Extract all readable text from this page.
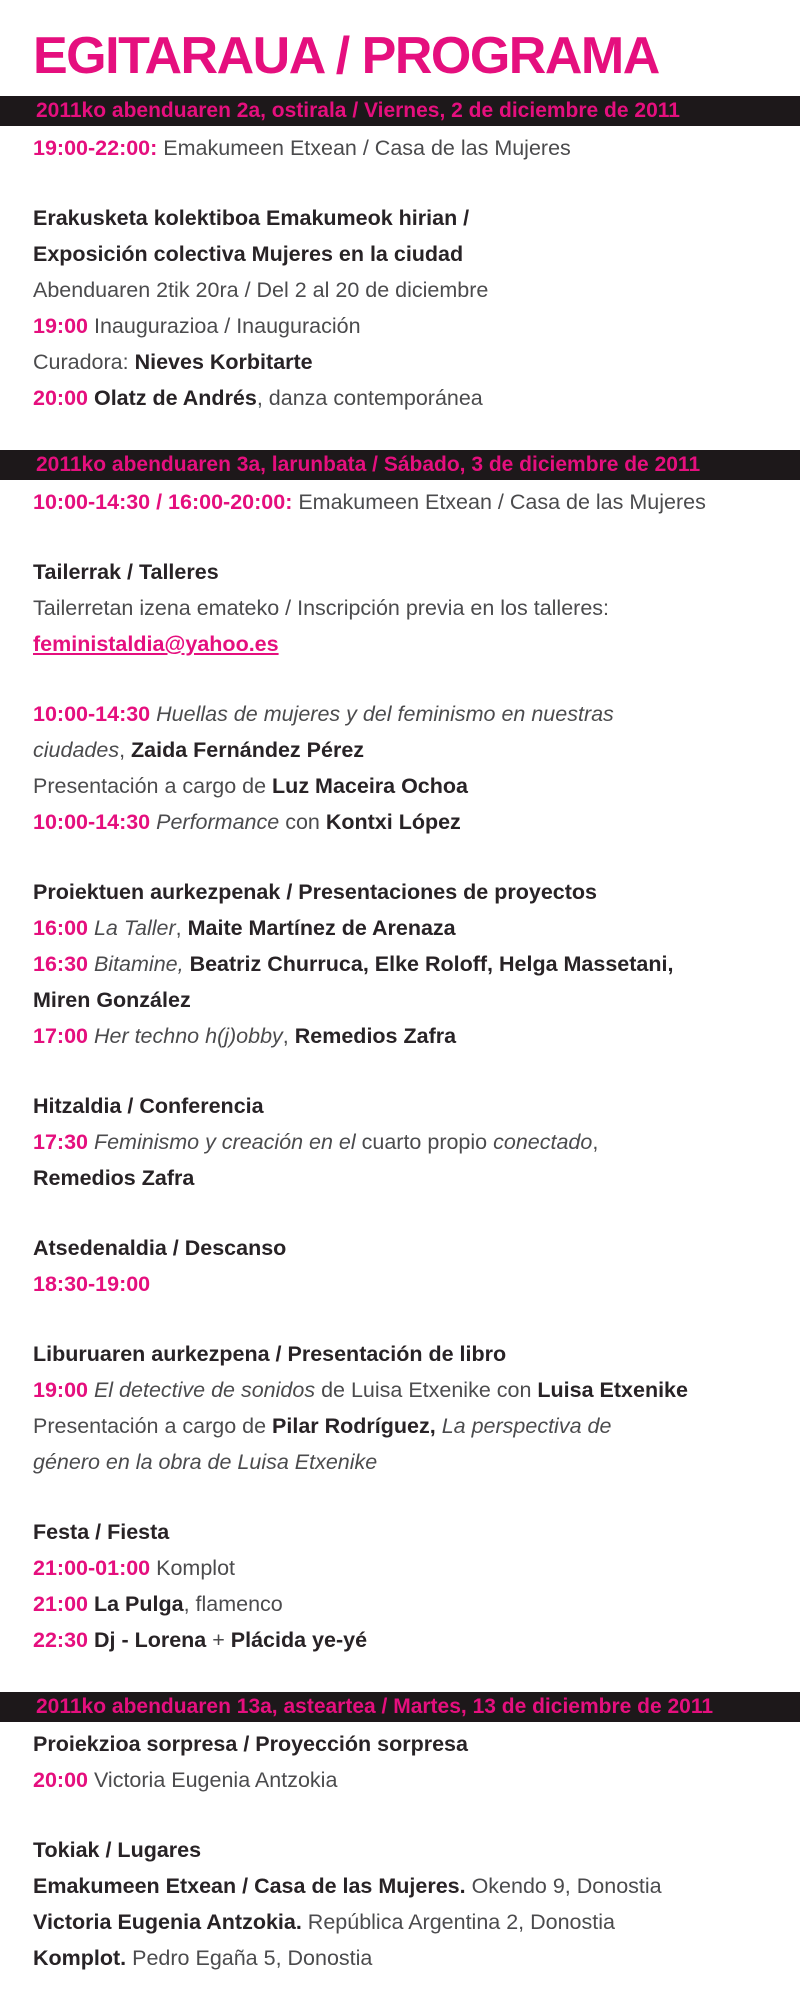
EGITARAUA / PROGRAMA
2011ko abenduaren 2a, ostirala / Viernes, 2 de diciembre de 2011
19:00-22:00: Emakumeen Etxean / Casa de las Mujeres
Erakusketa kolektiboa Emakumeok hirian /
Exposición colectiva Mujeres en la ciudad
Abenduaren 2tik 20ra / Del 2 al 20 de diciembre
19:00 Inaugurazioa / Inauguración
Curadora: Nieves Korbitarte
20:00 Olatz de Andrés, danza contemporánea
2011ko abenduaren 3a, larunbata / Sábado, 3 de diciembre de 2011
10:00-14:30 / 16:00-20:00: Emakumeen Etxean / Casa de las Mujeres
Tailerrak / Talleres
Tailerretan izena emateko / Inscripción previa en los talleres:
feministaldia@yahoo.es
10:00-14:30 Huellas de mujeres y del feminismo en nuestras
ciudades, Zaida Fernández Pérez
Presentación a cargo de Luz Maceira Ochoa
10:00-14:30 Performance con Kontxi López
Proiektuen aurkezpenak / Presentaciones de proyectos
16:00 La Taller, Maite Martínez de Arenaza
16:30 Bitamine, Beatriz Churruca, Elke Roloff, Helga Massetani,
Miren González
17:00 Her techno h(j)obby, Remedios Zafra
Hitzaldia / Conferencia
17:30 Feminismo y creación en el cuarto propio conectado,
Remedios Zafra
Atsedenaldia / Descanso
18:30-19:00
Liburuaren aurkezpena / Presentación de libro
19:00 El detective de sonidos de Luisa Etxenike con Luisa Etxenike
Presentación a cargo de Pilar Rodríguez, La perspectiva de
género en la obra de Luisa Etxenike
Festa / Fiesta
21:00-01:00 Komplot
21:00 La Pulga, flamenco
22:30 Dj - Lorena + Plácida ye-yé
2011ko abenduaren 13a, asteartea / Martes, 13 de diciembre de 2011
Proiekzioa sorpresa / Proyección sorpresa
20:00 Victoria Eugenia Antzokia
Tokiak / Lugares
Emakumeen Etxean / Casa de las Mujeres. Okendo 9, Donostia
Victoria Eugenia Antzokia. República Argentina 2, Donostia
Komplot. Pedro Egaña 5, Donostia
